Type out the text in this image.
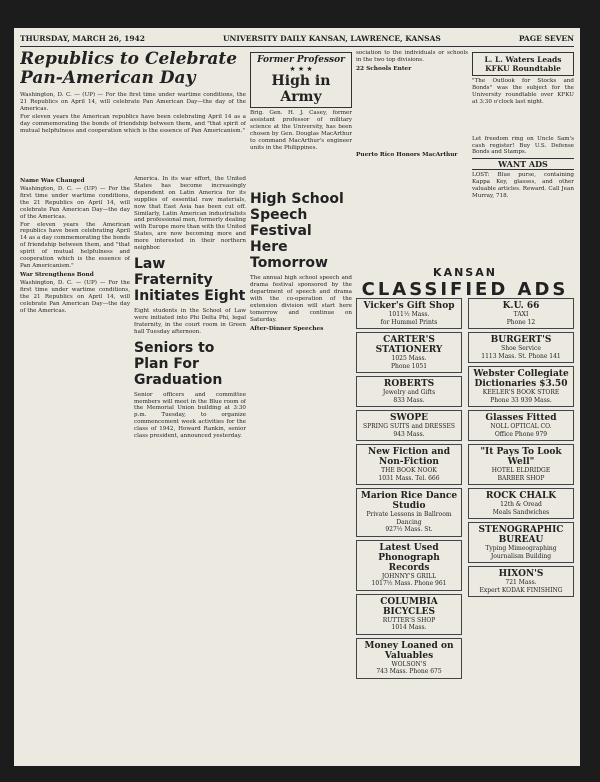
THURSDAY, MARCH 26, 1942	UNIVERSITY DAILY KANSAN, LAWRENCE, KANSAS	PAGE SEVEN
Republics to Celebrate Pan-American Day
Washington, D. C. — (UP) — For the first time under wartime conditions, the 21 Republics on April 14, will celebrate Pan American Day—the day of the Americas.
For eleven years the American republics have been celebrating April 14 as a day commemorating the bonds of friendship between them, and "that spirit of mutual helpfulness and cooperation which is the essence of Pan Americanism."
Name Was Changed
Washington, D. C. — (UP) — For the first time under wartime conditions, the 21 Republics on April 14, will celebrate Pan American Day—the day of the Americas.
For eleven years the American republics have been celebrating April 14 as a day commemorating the bonds of friendship between them, and "that spirit of mutual helpfulness and cooperation which is the essence of Pan Americanism."
War Strengthens Bond
Washington, D. C. — (UP) — For the first time under wartime conditions, the 21 Republics on April 14, will celebrate Pan American Day—the day of the Americas.
America. In its war effort, the United States has become increasingly dependent on Latin America for its supplies of essential raw materials, now that East Asia has been cut off. Similarly, Latin American industrialists and professional men, formerly dealing with Europe more than with the United States, are now becoming more and more interested in their northern neighbor.
Law Fraternity Initiates Eight
Eight students in the School of Law were initiated into Phi Delta Phi, legal fraternity, in the court room in Green hall Tuesday afternoon.
Seniors to Plan For Graduation
Senior officers and committee members will meet in the Blue room of the Memorial Union building at 3:30 p.m. Tuesday, to organize commencement week activities for the class of 1942, Howard Rankin, senior class president, announced yesterday.
Former Professor
★ ★ ★
High in Army
Brig. Gen. H. J. Casey, former assistant professor of military science at the University, has been chosen by Gen. Douglas MacArthur to command MacArthur's engineer units in the Philippines.
High School Speech Festival Here Tomorrow
The annual high school speech and drama festival sponsored by the department of speech and drama with the co-operation of the extension division will start here tomorrow and continue on Saturday.
After-Dinner Speeches
sociation to the individuals or schools in the two top divisions.
22 Schools Enter
Puerto Rico Honors MacArthur
L. L. Waters Leads KFKU Roundtable
"The Outlook for Stocks and Bonds" was the subject for the University roundtable over KFKU at 3:30 o'clock last night.
Let freedom ring on Uncle Sam's cash register! Buy U.S. Defense Bonds and Stamps.
WANT ADS
LOST: Blue purse, containing Kappa Key, glasses, and other valuable articles. Reward. Call Jean Murray, 718.
KANSAN
CLASSIFIED ADS
Vicker's Gift Shop
1011½ Mass.
for Hummel Prints
CARTER'S STATIONERY
1025 Mass.
Phone 1051
ROBERTS
Jewelry and Gifts
833 Mass.
SWOPE
SPRING SUITS and DRESSES
943 Mass.
New Fiction and Non-Fiction
THE BOOK NOOK
1031 Mass. Tel. 666
Marion Rice Dance Studio
Private Lessons in Ballroom Dancing
927½ Mass. St.
Latest Used Phonograph Records
JOHNNY'S GRILL
1017½ Mass. Phone 961
COLUMBIA BICYCLES
RUTTER'S SHOP
1014 Mass.
Money Loaned on Valuables
WOLSON'S
743 Mass. Phone 675
K.U. 66
TAXI
Phone 12
BURGERT'S
Shoe Service
1113 Mass. St. Phone 141
Webster Collegiate Dictionaries $3.50
KEELER'S BOOK STORE
Phone 33 939 Mass.
Glasses Fitted
NOLL OPTICAL CO.
Office Phone 979
"It Pays To Look Well"
HOTEL ELDRIDGE
BARBER SHOP
ROCK CHALK
12th & Oread
Meals Sandwiches
STENOGRAPHIC BUREAU
Typing Mimeographing
Journalism Building
HIXON'S
721 Mass.
Expert KODAK FINISHING
